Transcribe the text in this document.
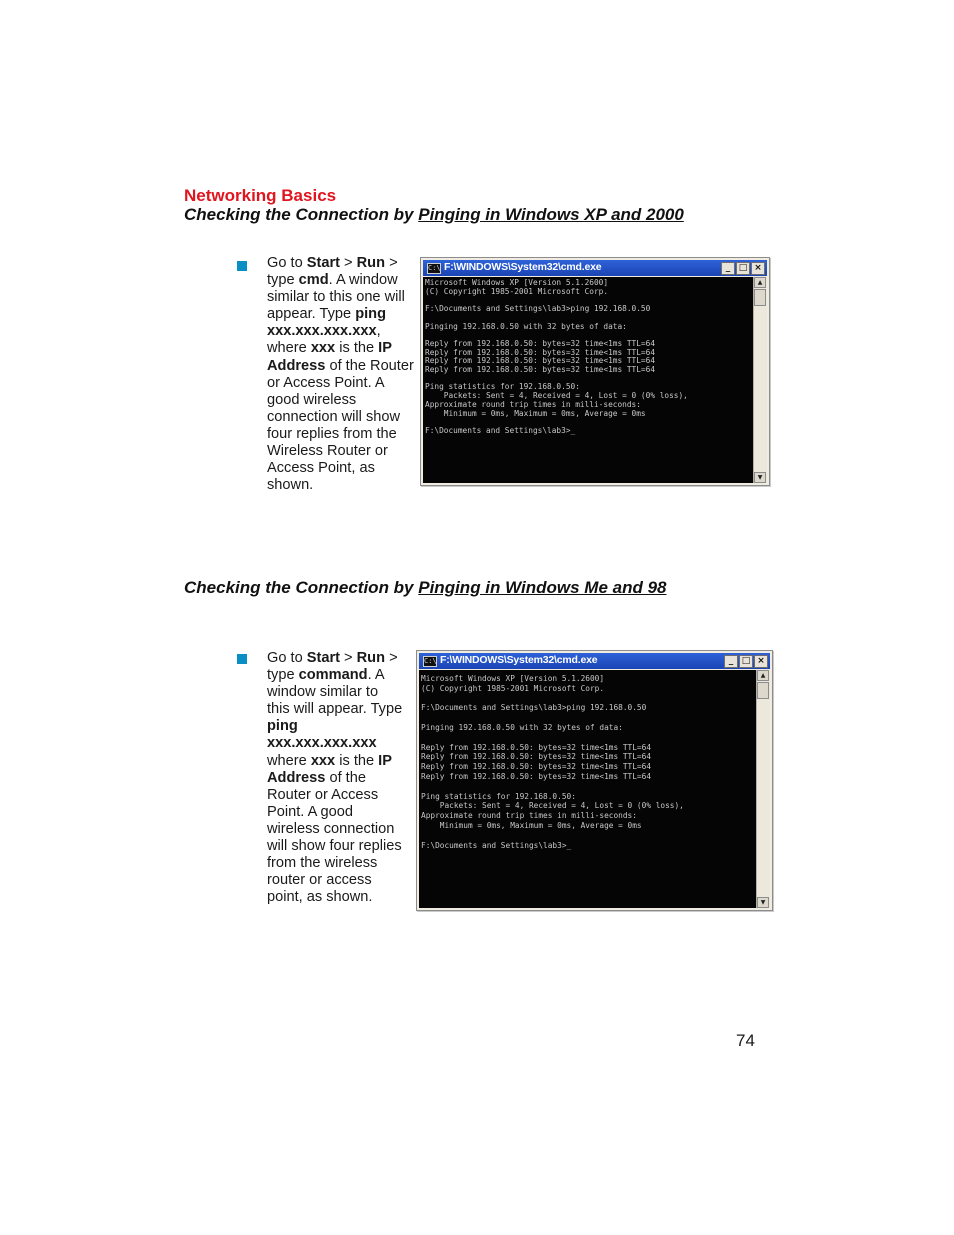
Networking Basics
Checking the Connection by Pinging in Windows XP and 2000
Go to Start > Run > type cmd. A window similar to this one will appear. Type ping xxx.xxx.xxx.xxx, where xxx is the IP Address of the Router or Access Point. A good wireless connection will show four replies from the Wireless Router or Access Point, as shown.
C:\ F:\WINDOWS\System32\cmd.exe	_ □ ×
Microsoft Windows XP [Version 5.1.2600]
(C) Copyright 1985-2001 Microsoft Corp.

F:\Documents and Settings\lab3>ping 192.168.0.50

Pinging 192.168.0.50 with 32 bytes of data:

Reply from 192.168.0.50: bytes=32 time<1ms TTL=64
Reply from 192.168.0.50: bytes=32 time<1ms TTL=64
Reply from 192.168.0.50: bytes=32 time<1ms TTL=64
Reply from 192.168.0.50: bytes=32 time<1ms TTL=64

Ping statistics for 192.168.0.50:
Packets: Sent = 4, Received = 4, Lost = 0 (0% loss),
Approximate round trip times in milli-seconds:
Minimum = 0ms, Maximum = 0ms, Average = 0ms

F:\Documents and Settings\lab3>_
▲
▼
Checking the Connection by Pinging in Windows Me and 98
Go to Start > Run > type command. A window similar to this will appear. Type ping xxx.xxx.xxx.xxx where xxx is the IP Address of the Router or Access Point. A good wireless connection will show four replies from the wireless router or access point, as shown.
C:\ F:\WINDOWS\System32\cmd.exe	_ □ ×
Microsoft Windows XP [Version 5.1.2600]
(C) Copyright 1985-2001 Microsoft Corp.

F:\Documents and Settings\lab3>ping 192.168.0.50

Pinging 192.168.0.50 with 32 bytes of data:

Reply from 192.168.0.50: bytes=32 time<1ms TTL=64
Reply from 192.168.0.50: bytes=32 time<1ms TTL=64
Reply from 192.168.0.50: bytes=32 time<1ms TTL=64
Reply from 192.168.0.50: bytes=32 time<1ms TTL=64

Ping statistics for 192.168.0.50:
Packets: Sent = 4, Received = 4, Lost = 0 (0% loss),
Approximate round trip times in milli-seconds:
Minimum = 0ms, Maximum = 0ms, Average = 0ms

F:\Documents and Settings\lab3>_
▲
▼
74
